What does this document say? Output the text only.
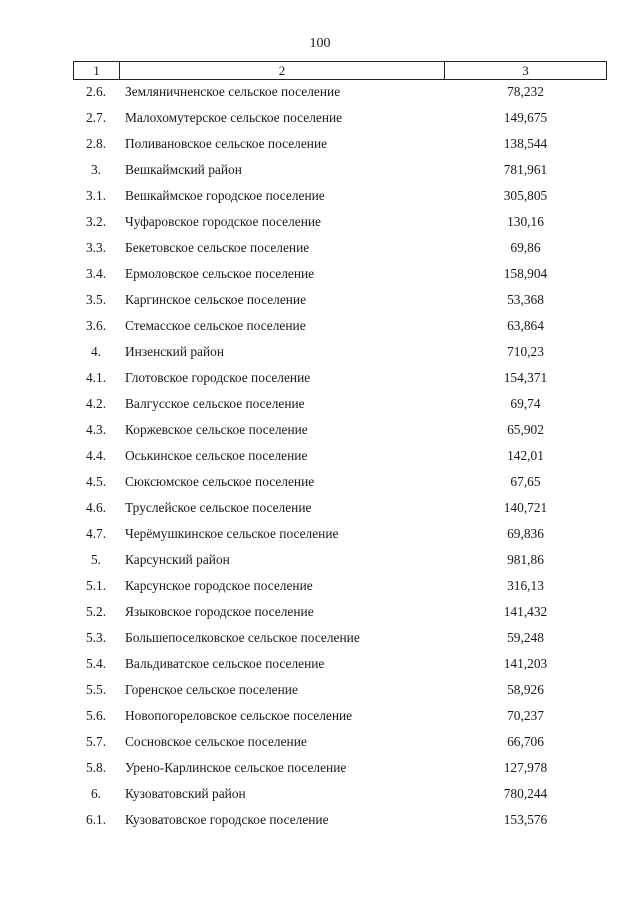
100
1	2	3
2.6.	Земляничненское сельское поселение	78,232
2.7.	Малохомутерское сельское поселение	149,675
2.8.	Поливановское сельское поселение	138,544
3.	Вешкаймский район	781,961
3.1.	Вешкаймское городское поселение	305,805
3.2.	Чуфаровское городское поселение	130,16
3.3.	Бекетовское сельское поселение	69,86
3.4.	Ермоловское сельское поселение	158,904
3.5.	Каргинское сельское поселение	53,368
3.6.	Стемасское сельское поселение	63,864
4.	Инзенский район	710,23
4.1.	Глотовское городское поселение	154,371
4.2.	Валгусское сельское поселение	69,74
4.3.	Коржевское сельское поселение	65,902
4.4.	Оськинское сельское поселение	142,01
4.5.	Сюксюмское сельское поселение	67,65
4.6.	Труслейское сельское поселение	140,721
4.7.	Черёмушкинское сельское поселение	69,836
5.	Карсунский район	981,86
5.1.	Карсунское городское поселение	316,13
5.2.	Языковское городское поселение	141,432
5.3.	Большепоселковское сельское поселение	59,248
5.4.	Вальдиватское сельское поселение	141,203
5.5.	Горенское сельское поселение	58,926
5.6.	Новопогореловское сельское поселение	70,237
5.7.	Сосновское сельское поселение	66,706
5.8.	Урено-Карлинское сельское поселение	127,978
6.	Кузоватовский район	780,244
6.1.	Кузоватовское городское поселение	153,576
